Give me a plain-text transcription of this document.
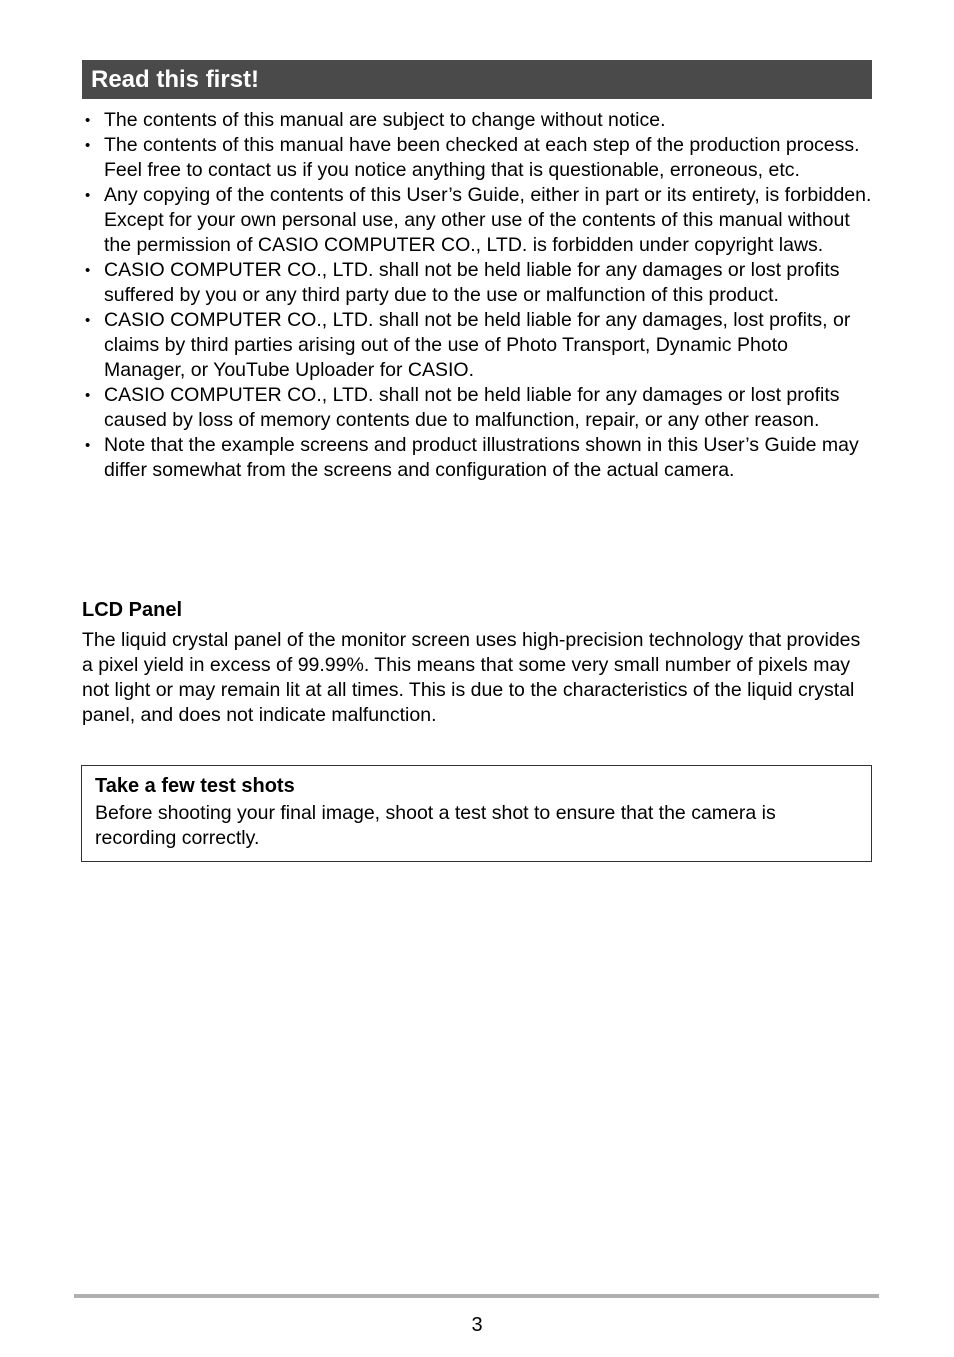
Read this first!
• The contents of this manual are subject to change without notice.
• The contents of this manual have been checked at each step of the production process. Feel free to contact us if you notice anything that is questionable, erroneous, etc.
• Any copying of the contents of this User’s Guide, either in part or its entirety, is forbidden. Except for your own personal use, any other use of the contents of this manual without the permission of CASIO COMPUTER CO., LTD. is forbidden under copyright laws.
• CASIO COMPUTER CO., LTD. shall not be held liable for any damages or lost profits suffered by you or any third party due to the use or malfunction of this product.
• CASIO COMPUTER CO., LTD. shall not be held liable for any damages, lost profits, or claims by third parties arising out of the use of Photo Transport, Dynamic Photo Manager, or YouTube Uploader for CASIO.
• CASIO COMPUTER CO., LTD. shall not be held liable for any damages or lost profits caused by loss of memory contents due to malfunction, repair, or any other reason.
• Note that the example screens and product illustrations shown in this User’s Guide may differ somewhat from the screens and configuration of the actual camera.
LCD Panel

The liquid crystal panel of the monitor screen uses high-precision technology that provides a pixel yield in excess of 99.99%. This means that some very small number of pixels may not light or may remain lit at all times. This is due to the characteristics of the liquid crystal panel, and does not indicate malfunction.

Take a few test shots

Before shooting your final image, shoot a test shot to ensure that the camera is recording correctly.

3
